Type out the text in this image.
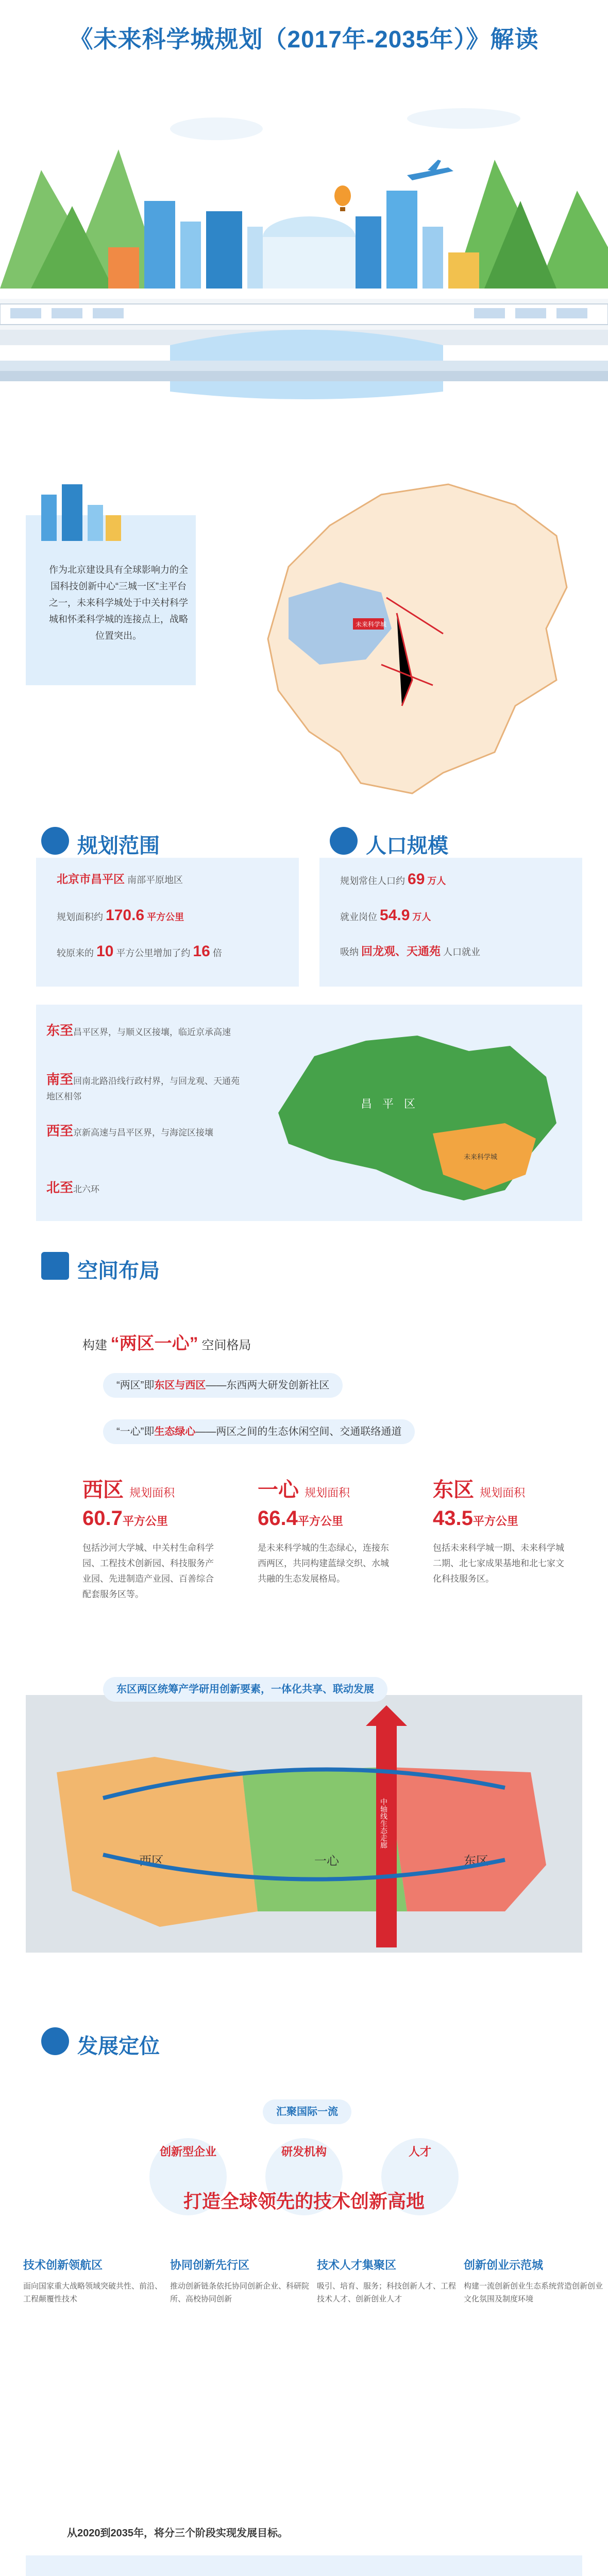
《未来科学城规划（2017年-2035年）》解读
作为北京建设具有全球影响力的全国科技创新中心“三城一区”主平台之一，未来科学城处于中关村科学城和怀柔科学城的连接点上，战略位置突出。
未来科学城
规划范围	人口规模
北京市昌平区 南部平原地区
规划面积约 170.6 平方公里
较原来的 10 平方公里增加了约 16 倍
规划常住人口约 69 万人
就业岗位 54.9 万人
吸纳 回龙观、天通苑 人口就业
东至昌平区界，与顺义区接壤，临近京承高速
南至回南北路沿线行政村界，与回龙观、天通苑地区相邻
西至京新高速与昌平区界，与海淀区接壤
北至北六环
昌平区
未来科学城
空间布局
构建 “两区一心” 空间格局
“两区”即东区与西区——东西两大研发创新社区
“一心”即生态绿心——两区之间的生态休闲空间、交通联络通道
西区 规划面积
60.7平方公里
包括沙河大学城、中关村生命科学园、工程技术创新园、科技服务产业园、先进制造产业园、百善综合配套服务区等。
一心 规划面积
66.4平方公里
是未来科学城的生态绿心，连接东西两区，共同构建蓝绿交织、水城共融的生态发展格局。
东区 规划面积
43.5平方公里
包括未来科学城一期、未来科学城二期、北七家成果基地和北七家文化科技服务区。
中轴线生态走廊
西区	一心	东区
东区两区统筹产学研用创新要素，一体化共享、联动发展
发展定位
汇聚国际一流
创新型企业	研发机构	人才
打造全球领先的技术创新高地
技术创新领航区
面向国家重大战略领域突破共性、前沿、工程颠覆性技术
协同创新先行区
推动创新链条依托协同创新企业、科研院所、高校协同创新
技术人才集聚区
吸引、培育、服务；科技创新人才、工程技术人才、创新创业人才
创新创业示范城
构建一流创新创业生态系统营造创新创业文化氛围及制度环境
从2020到2035年，将分三个阶段实现发展目标。
